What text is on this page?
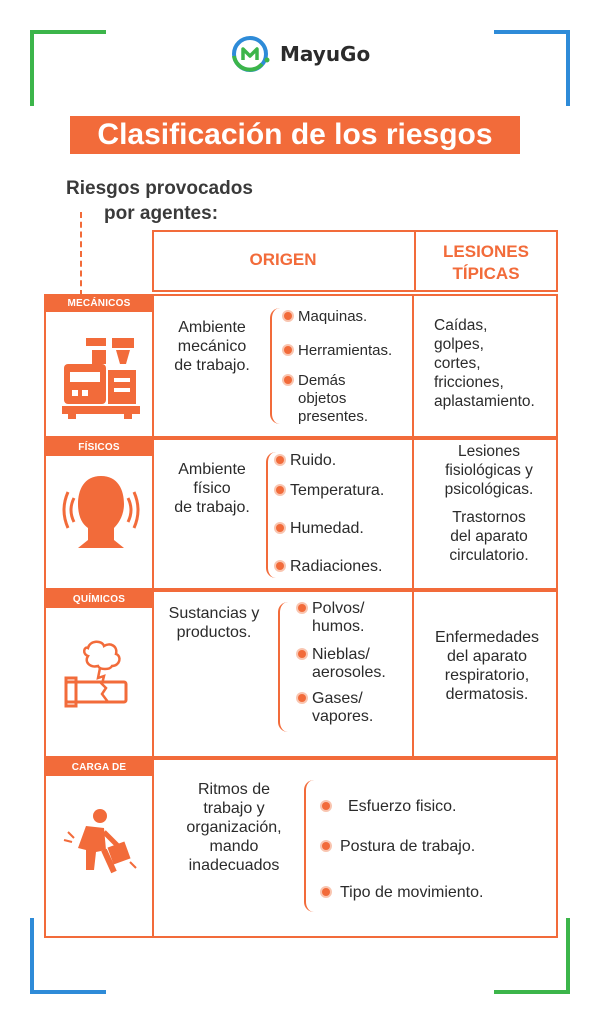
MayuGo
Clasificación de los riesgos
Riesgos provocados
por agentes:
ORIGEN	LESIONES
TÍPICAS
MECÁNICOS
Ambiente
mecánico
de trabajo.
Maquinas.
Herramientas.
Demás
objetos
presentes.
Caídas,
golpes,
cortes,
fricciones,
aplastamiento.
FÍSICOS
Ambiente
físico
de trabajo.
Ruido.
Temperatura.
Humedad.
Radiaciones.
Lesiones
fisiológicas y
psicológicas.
Trastornos
del aparato
circulatorio.
QUÍMICOS
Sustancias y
productos.
Polvos/
humos.
Nieblas/
aerosoles.
Gases/
vapores.
Enfermedades
del aparato
respiratorio,
dermatosis.
CARGA DE TRABAJO	Ritmos de
trabajo y
organización,
mando
inadecuados
Esfuerzo fisico.
Postura de trabajo.
Tipo de movimiento.
